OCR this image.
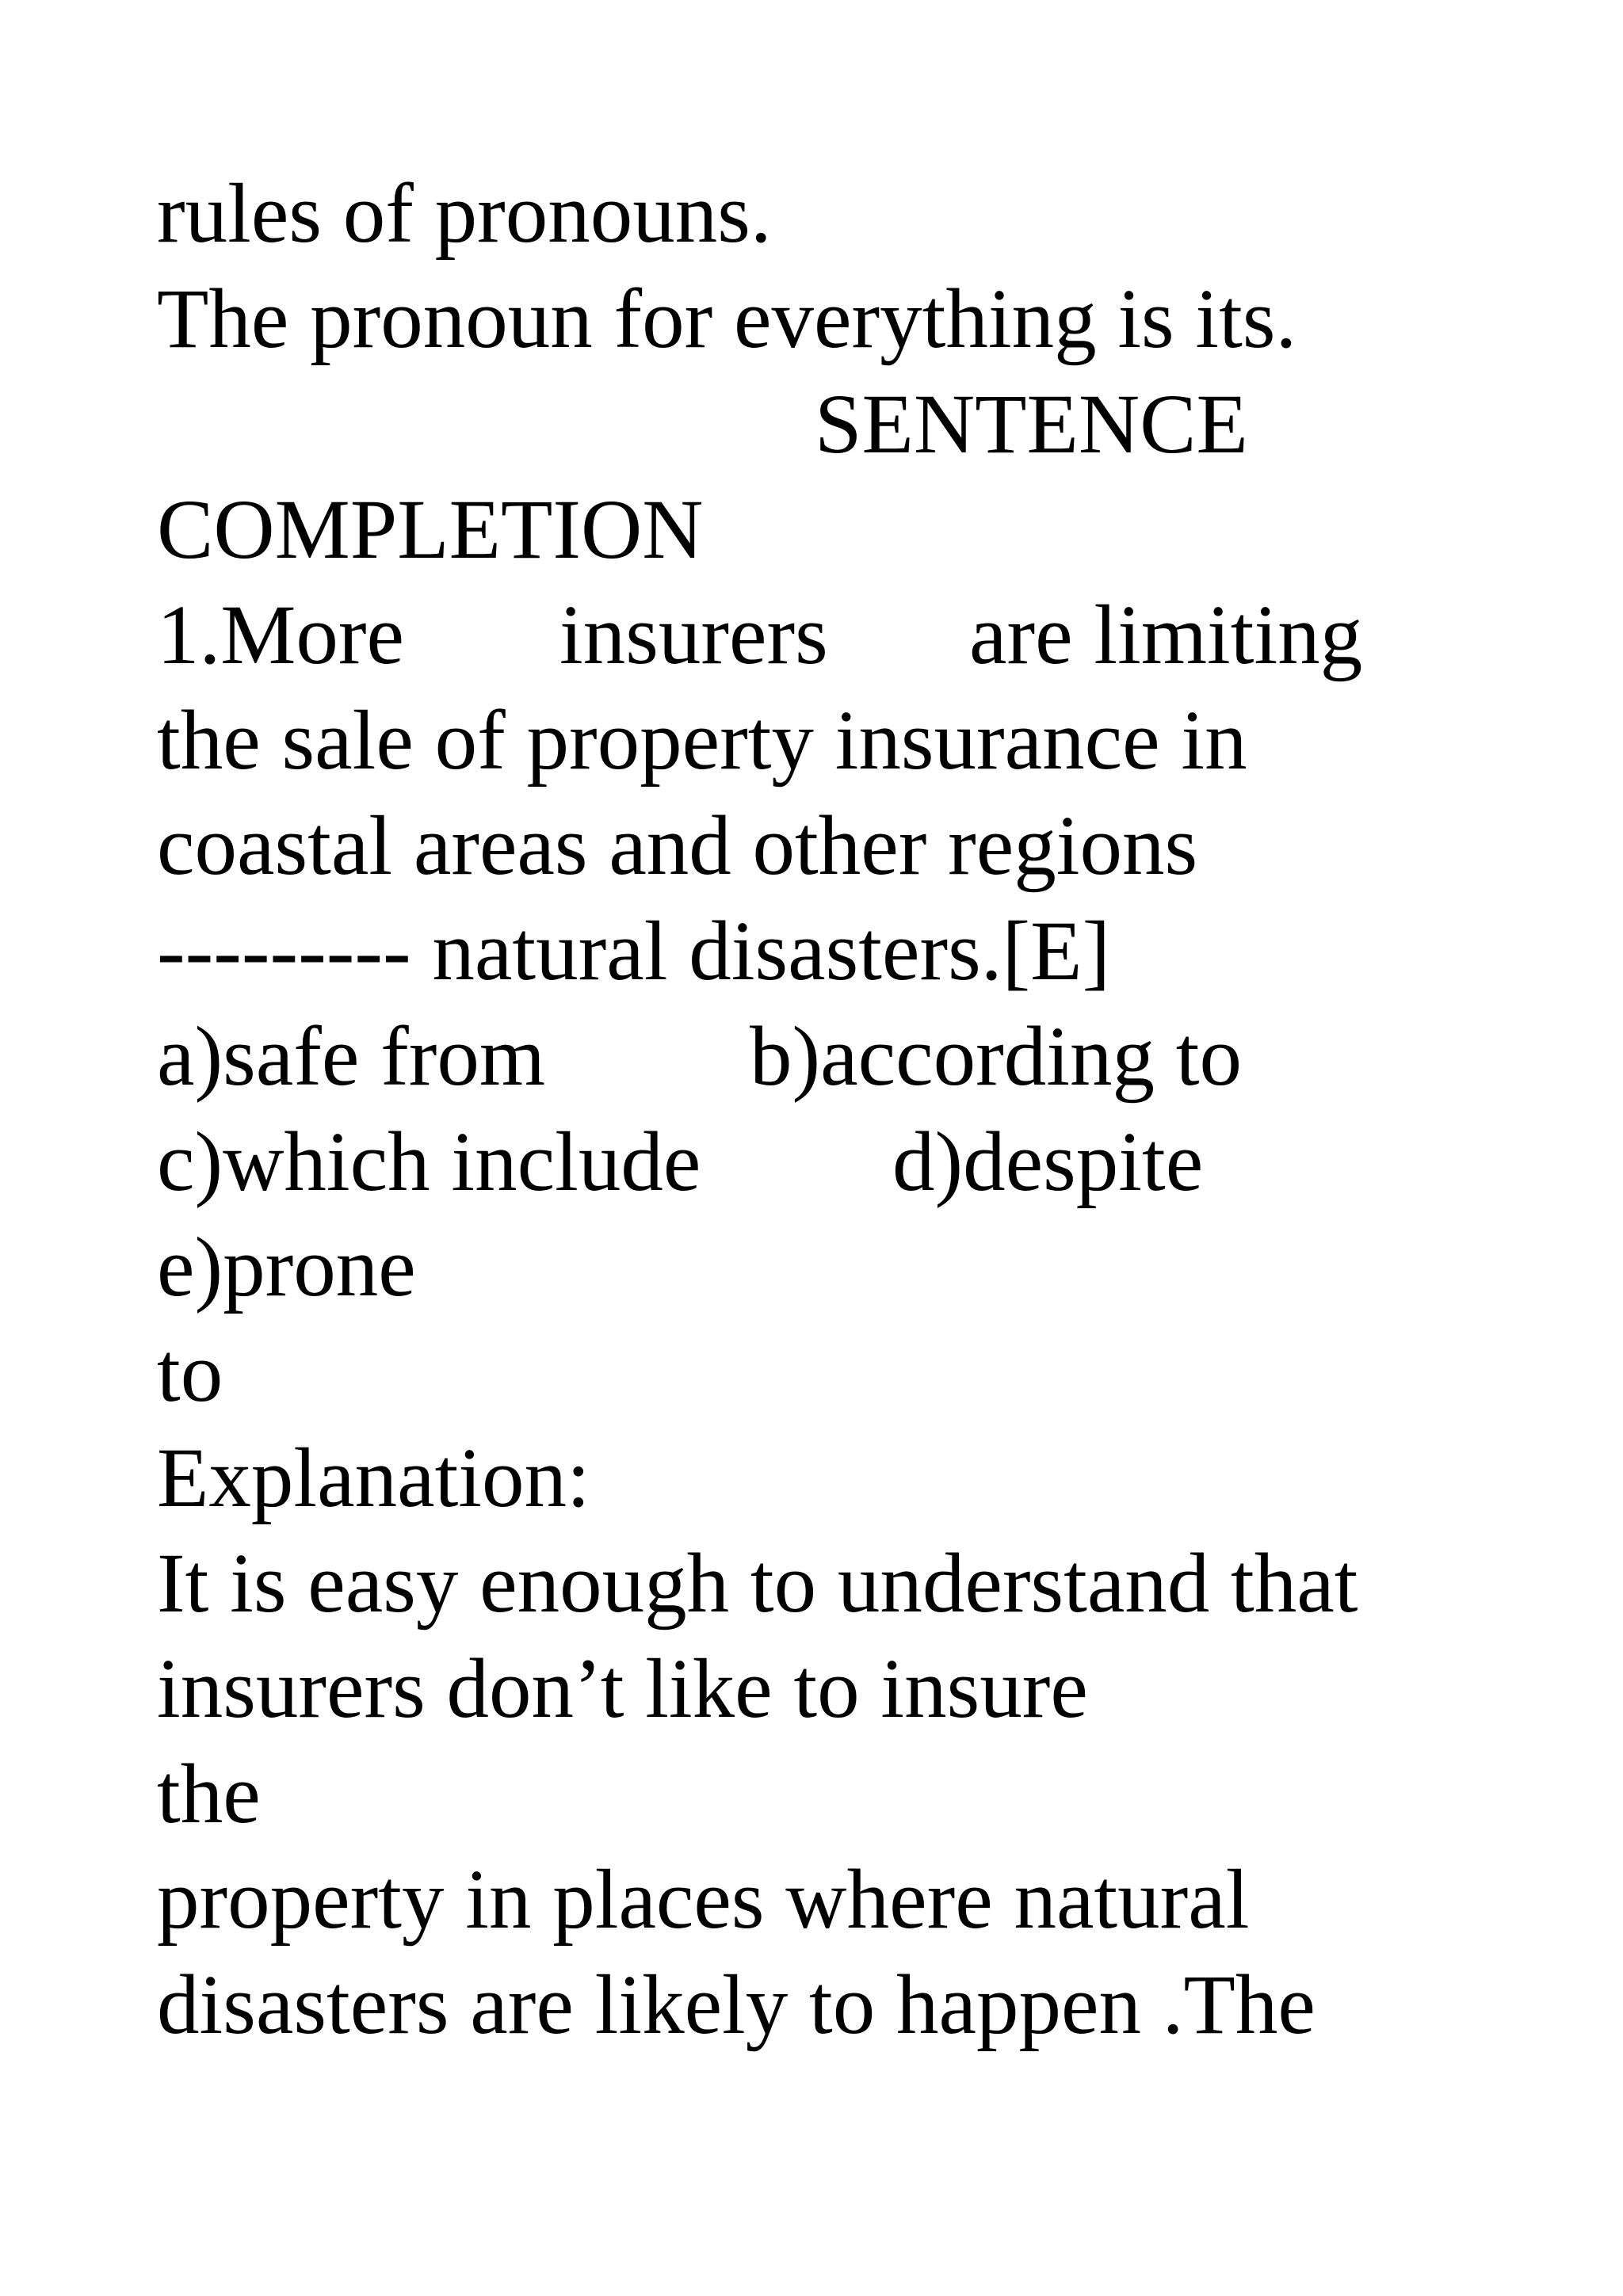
rules of pronouns.
The pronoun for everything is its.
SENTENCE
COMPLETION
1.More insurers are limiting
the sale of property insurance in
coastal areas and other regions
--------- natural disasters.[E]
a)safe from b)according to
c)which include d)despite
e)prone
to
Explanation:
It is easy enough to understand that
insurers don’t like to insure
the
property in places where natural
disasters are likely to happen .The
